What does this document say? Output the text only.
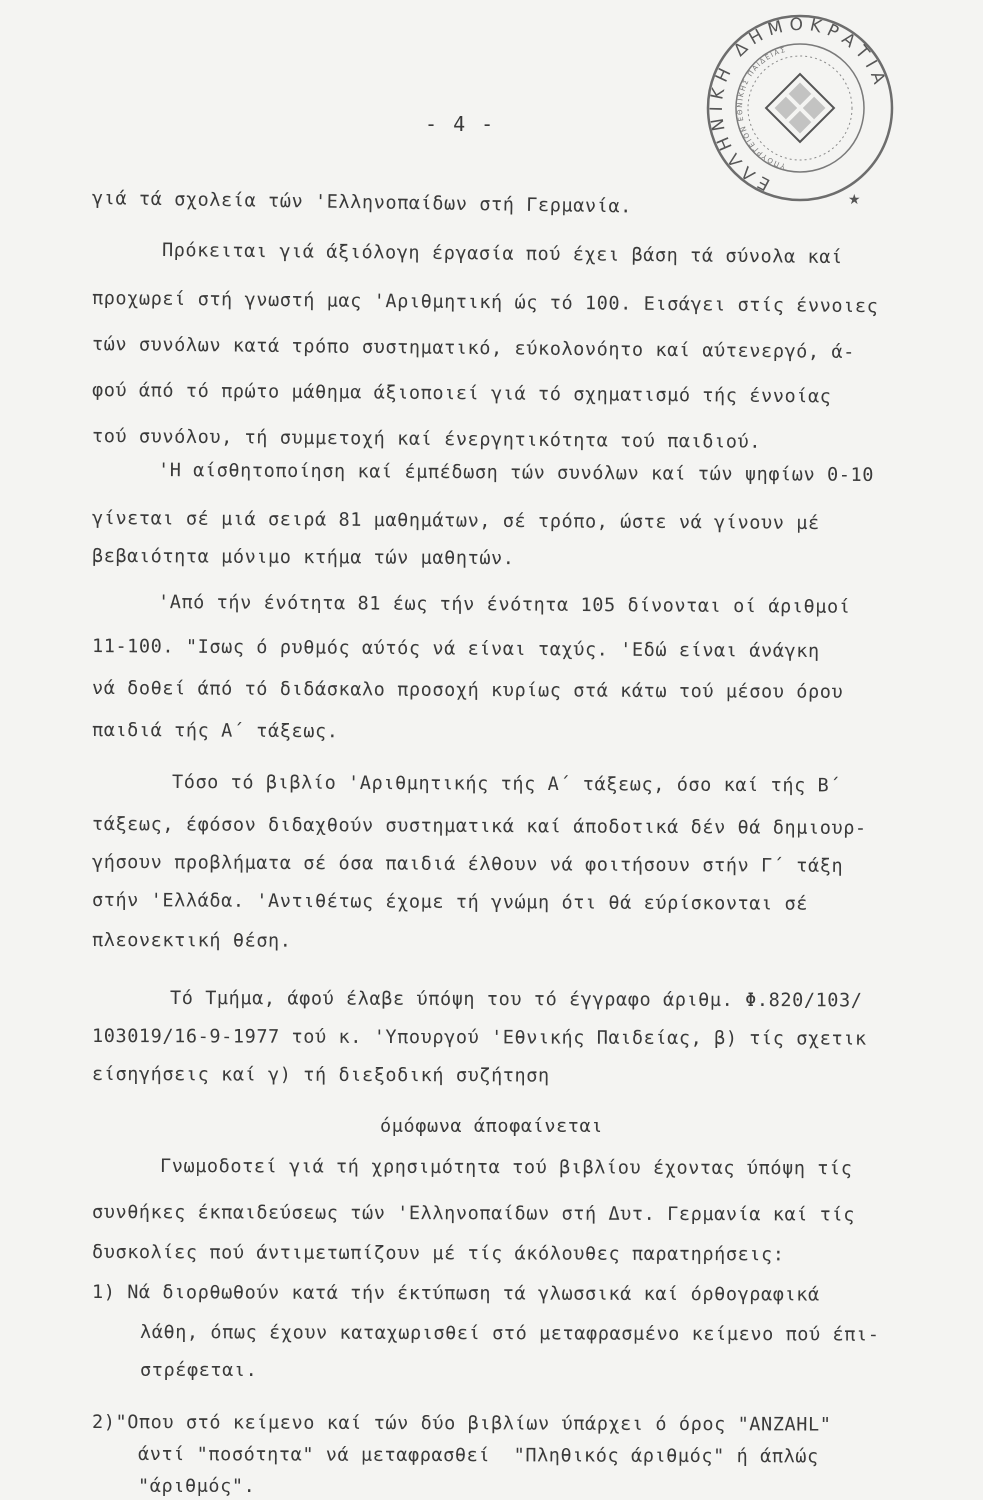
- 4 -
ΕΛΛΗΝΙΚΗ ΔΗΜΟΚΡΑΤΙΑ
ΥΠΟΥΡΓΕΙΟΝ ΕΘΝΙΚΗΣ ΠΑΙΔΕΙΑΣ
★
γιά τά σχολεία τών 'Ελληνοπαίδων στή Γερμανία.
Πρόκειται γιά άξιόλογη έργασία πού έχει βάση τά σύνολα καί
προχωρεί στή γνωστή μας 'Αριθμητική ώς τό 100. Εισάγει στίς έννοιες
τών συνόλων κατά τρόπο συστηματικό, εύκολονόητο καί αύτενεργό, ά-
φού άπό τό πρώτο μάθημα άξιοποιεί γιά τό σχηματισμό τής έννοίας
τού συνόλου, τή συμμετοχή καί ένεργητικότητα τού παιδιού.
'Η αίσθητοποίηση καί έμπέδωση τών συνόλων καί τών ψηφίων 0-10
γίνεται σέ μιά σειρά 81 μαθημάτων, σέ τρόπο, ώστε νά γίνουν μέ
βεβαιότητα μόνιμο κτήμα τών μαθητών.
'Από τήν ένότητα 81 έως τήν ένότητα 105 δίνονται οί άριθμοί
11-100. "Ισως ό ρυθμός αύτός νά είναι ταχύς. 'Εδώ είναι άνάγκη
νά δοθεί άπό τό διδάσκαλο προσοχή κυρίως στά κάτω τού μέσου όρου
παιδιά τής Α΄ τάξεως.
Τόσο τό βιβλίο 'Αριθμητικής τής Α΄ τάξεως, όσο καί τής Β΄
τάξεως, έφόσον διδαχθούν συστηματικά καί άποδοτικά δέν θά δημιουρ-
γήσουν προβλήματα σέ όσα παιδιά έλθουν νά φοιτήσουν στήν Γ΄ τάξη
στήν 'Ελλάδα. 'Αντιθέτως έχομε τή γνώμη ότι θά εύρίσκονται σέ
πλεονεκτική θέση.
Τό Τμήμα, άφού έλαβε ύπόψη του τό έγγραφο άριθμ. Φ.820/103/
103019/16-9-1977 τού κ. 'Υπουργού 'Εθνικής Παιδείας, β) τίς σχετικ
είσηγήσεις καί γ) τή διεξοδική συζήτηση
όμόφωνα άποφαίνεται
Γνωμοδοτεί γιά τή χρησιμότητα τού βιβλίου έχοντας ύπόψη τίς
συνθήκες έκπαιδεύσεως τών 'Ελληνοπαίδων στή Δυτ. Γερμανία καί τίς
δυσκολίες πού άντιμετωπίζουν μέ τίς άκόλουθες παρατηρήσεις:
1) Νά διορθωθούν κατά τήν έκτύπωση τά γλωσσικά καί όρθογραφικά
λάθη, όπως έχουν καταχωρισθεί στό μεταφρασμένο κείμενο πού έπι-
στρέφεται.
2)"Οπου στό κείμενο καί τών δύο βιβλίων ύπάρχει ό όρος "ANZAHL"
άντί "ποσότητα" νά μεταφρασθεί  "Πληθικός άριθμός" ή άπλώς
"άριθμός".
